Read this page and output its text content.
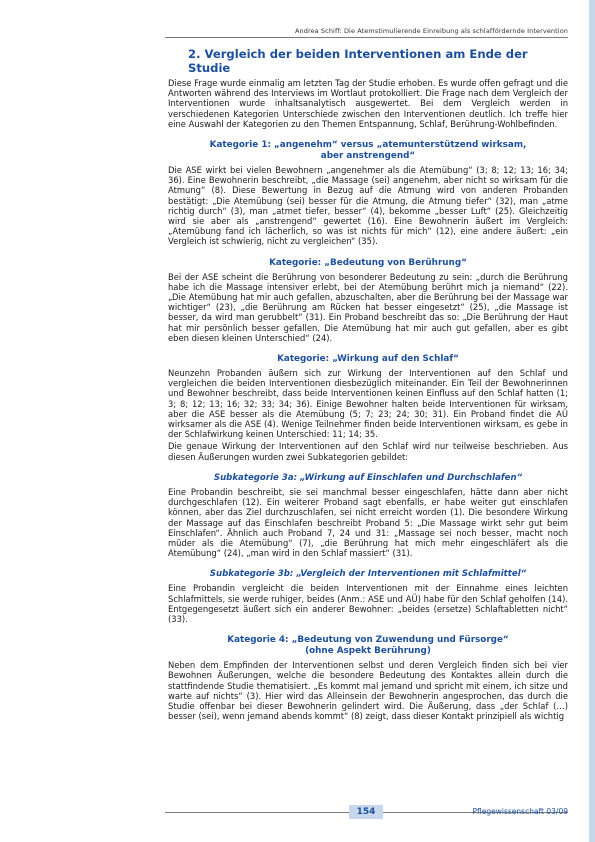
Andrea Schiff: Die Atemstimulierende Einreibung als schlaffördernde Intervention
2. Vergleich der beiden Interventionen am Ende der Studie

Diese Frage wurde einmalig am letzten Tag der Studie erhoben. Es wurde offen gefragt und die Antworten während des Interviews im Wortlaut protokolliert. Die Frage nach dem Vergleich der Interventionen wurde inhaltsanalytisch ausgewertet. Bei dem Vergleich werden in verschiedenen Kategorien Unterschiede zwischen den Interventionen deutlich. Ich treffe hier eine Auswahl der Kategorien zu den Themen Entspannung, Schlaf, Berührung-Wohlbefinden.

Kategorie 1: „angenehm“ versus „atemunterstützend wirksam,
aber anstrengend“

Die ASE wirkt bei vielen Bewohnern „angenehmer als die Atemübung“ (3; 8; 12; 13; 16; 34; 36). Eine Bewohnerin beschreibt, „die Massage (sei) angenehm, aber nicht so wirksam für die Atmung“ (8). Diese Bewertung in Bezug auf die Atmung wird von anderen Probanden bestätigt: „Die Atemübung (sei) besser für die Atmung, die Atmung tiefer“ (32), man „atme richtig durch“ (3), man „atmet tiefer, besser“ (4), bekomme „besser Luft“ (25). Gleichzeitig wird sie aber als „anstrengend“ gewertet (16). Eine Bewohnerin äußert im Vergleich: „Atemübung fand ich lächerlich, so was ist nichts für mich“ (12), eine andere äußert: „ein Vergleich ist schwierig, nicht zu vergleichen“ (35).

Kategorie: „Bedeutung von Berührung“

Bei der ASE scheint die Berührung von besonderer Bedeutung zu sein: „durch die Berührung habe ich die Massage intensiver erlebt, bei der Atemübung berührt mich ja niemand“ (22). „Die Atemübung hat mir auch gefallen, abzuschalten, aber die Berührung bei der Massage war wichtiger“ (23), „die Berührung am Rücken hat besser eingesetzt“ (25), „die Massage ist besser, da wird man gerubbelt“ (31). Ein Proband beschreibt das so: „Die Berührung der Haut hat mir persönlich besser gefallen. Die Atemübung hat mir auch gut gefallen, aber es gibt eben diesen kleinen Unterschied“ (24).

Kategorie: „Wirkung auf den Schlaf“

Neunzehn Probanden äußern sich zur Wirkung der Interventionen auf den Schlaf und vergleichen die beiden Interventionen diesbezüglich miteinander. Ein Teil der Bewohnerinnen und Bewohner beschreibt, dass beide Interventionen keinen Einfluss auf den Schlaf hatten (1; 3; 8; 12; 13; 16; 32; 33; 34; 36). Einige Bewohner halten beide Interventionen für wirksam, aber die ASE besser als die Atemübung (5; 7; 23; 24; 30; 31). Ein Proband findet die AÜ wirksamer als die ASE (4). Wenige Teilnehmer finden beide Interventionen wirksam, es gebe in der Schlafwirkung keinen Unterschied: 11; 14; 35.

Die genaue Wirkung der Interventionen auf den Schlaf wird nur teilweise beschrieben. Aus diesen Äußerungen wurden zwei Subkategorien gebildet:

Subkategorie 3a: „Wirkung auf Einschlafen und Durchschlafen“

Eine Probandin beschreibt, sie sei manchmal besser eingeschlafen, hätte dann aber nicht durchgeschlafen (12). Ein weiterer Proband sagt ebenfalls, er habe weiter gut einschlafen können, aber das Ziel durchzuschlafen, sei nicht erreicht worden (1). Die besondere Wirkung der Massage auf das Einschlafen beschreibt Proband 5: „Die Massage wirkt sehr gut beim Einschlafen“. Ähnlich auch Proband 7, 24 und 31: „Massage sei noch besser, macht noch müder als die Atemübung“ (7), „die Berührung hat mich mehr eingeschläfert als die Atemübung“ (24), „man wird in den Schlaf massiert“ (31).

Subkategorie 3b: „Vergleich der Interventionen mit Schlafmittel“

Eine Probandin vergleicht die beiden Interventionen mit der Einnahme eines leichten Schlafmittels, sie werde ruhiger, beides (Anm.: ASE und AÜ) habe für den Schlaf geholfen (14). Entgegengesetzt äußert sich ein anderer Bewohner: „beides (ersetze) Schlaftabletten nicht“ (33).

Kategorie 4: „Bedeutung von Zuwendung und Fürsorge“
(ohne Aspekt Berührung)

Neben dem Empfinden der Interventionen selbst und deren Vergleich finden sich bei vier Bewohnen Äußerungen, welche die besondere Bedeutung des Kontaktes allein durch die stattfindende Studie thematisiert. „Es kommt mal jemand und spricht mit einem, ich sitze und warte auf nichts“ (3). Hier wird das Alleinsein der Bewohnerin angesprochen, das durch die Studie offenbar bei dieser Bewohnerin gelindert wird. Die Äußerung, dass „der Schlaf (…) besser (sei), wenn jemand abends kommt“ (8) zeigt, dass dieser Kontakt prinzipiell als wichtig

154	Pflegewissenschaft 03/09
